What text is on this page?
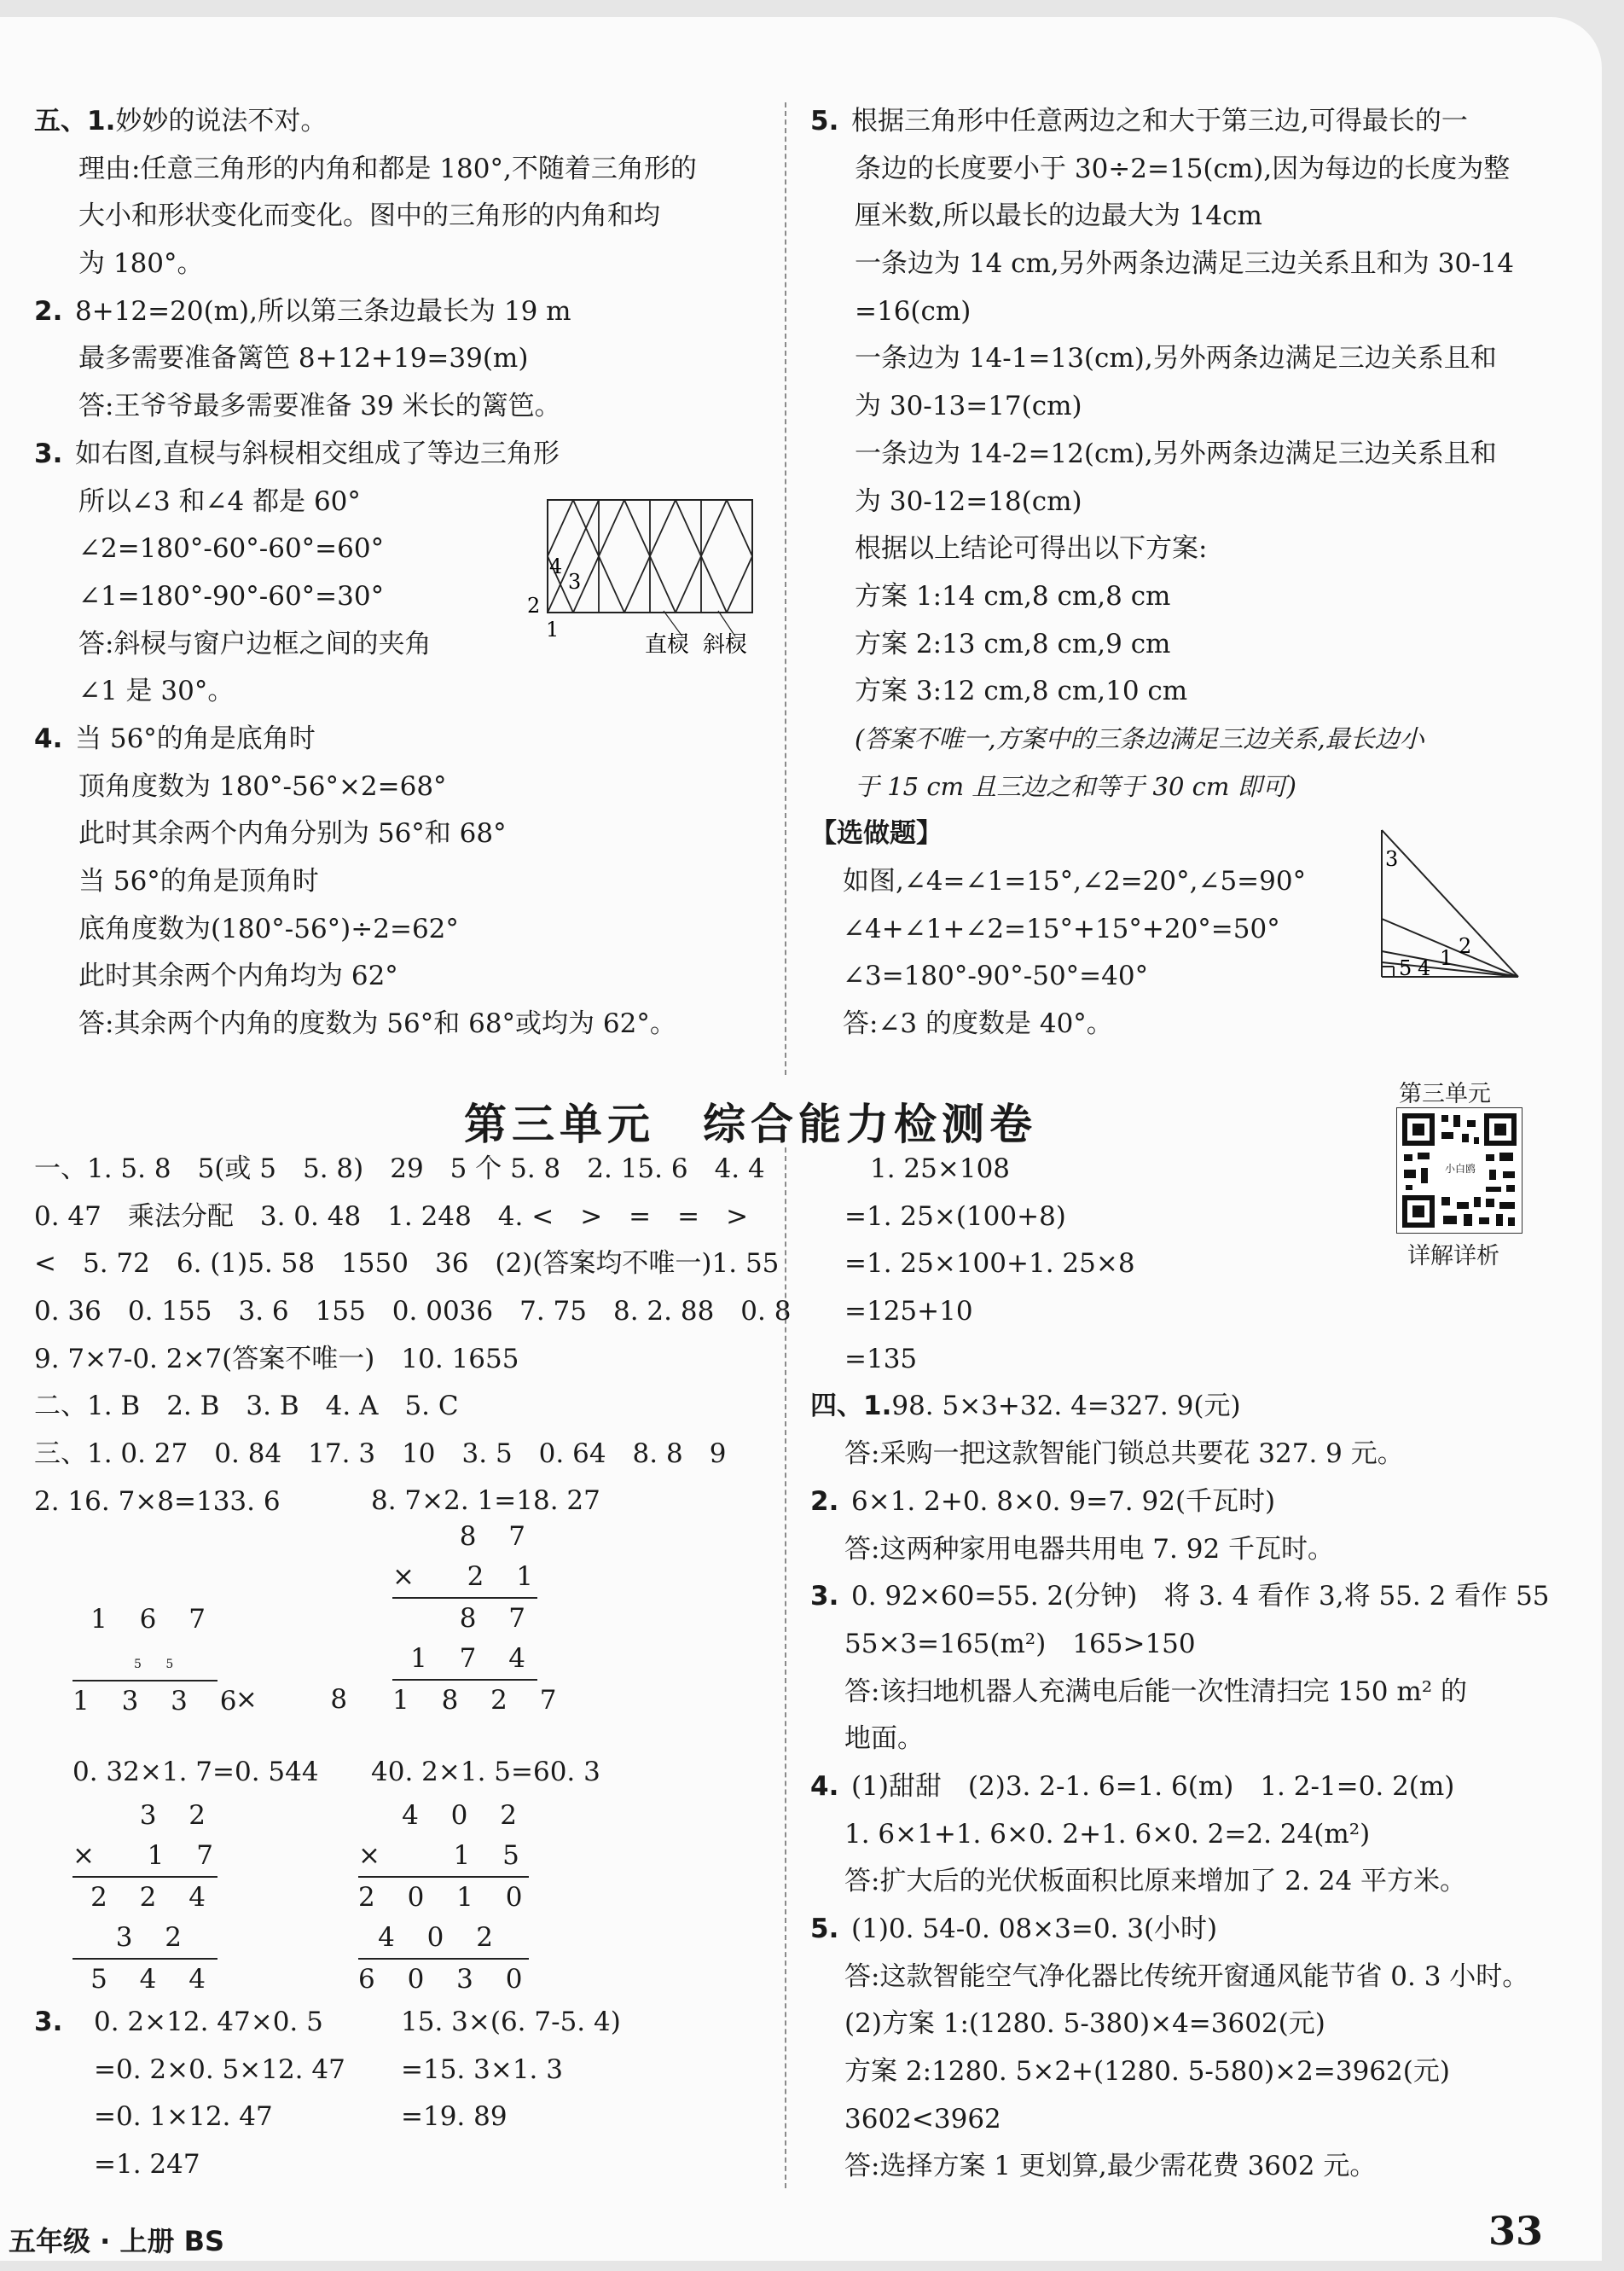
五、1.妙妙的说法不对。
理由:任意三角形的内角和都是 180°,不随着三角形的
大小和形状变化而变化。图中的三角形的内角和均
为 180°。
2. 8+12=20(m),所以第三条边最长为 19 m
最多需要准备篱笆 8+12+19=39(m)
答:王爷爷最多需要准备 39 米长的篱笆。
3. 如右图,直棂与斜棂相交组成了等边三角形
所以∠3 和∠4 都是 60°
∠2=180°-60°-60°=60°
∠1=180°-90°-60°=30°
答:斜棂与窗户边框之间的夹角
∠1 是 30°。
4. 当 56°的角是底角时
顶角度数为 180°-56°×2=68°
此时其余两个内角分别为 56°和 68°
当 56°的角是顶角时
底角度数为(180°-56°)÷2=62°
此时其余两个内角均为 62°
答:其余两个内角的度数为 56°和 68°或均为 62°。
4
3
2
1
直棂 斜棂
5. 根据三角形中任意两边之和大于第三边,可得最长的一
条边的长度要小于 30÷2=15(cm),因为每边的长度为整
厘米数,所以最长的边最大为 14cm
一条边为 14 cm,另外两条边满足三边关系且和为 30-14
=16(cm)
一条边为 14-1=13(cm),另外两条边满足三边关系且和
为 30-13=17(cm)
一条边为 14-2=12(cm),另外两条边满足三边关系且和
为 30-12=18(cm)
根据以上结论可得出以下方案:
方案 1:14 cm,8 cm,8 cm
方案 2:13 cm,8 cm,9 cm
方案 3:12 cm,8 cm,10 cm
(答案不唯一,方案中的三条边满足三边关系,最长边小
于 15 cm 且三边之和等于 30 cm 即可)
【选做题】
如图,∠4=∠1=15°,∠2=20°,∠5=90°
∠4+∠1+∠2=15°+15°+20°=50°
∠3=180°-90°-50°=40°
答:∠3 的度数是 40°。
3
2
1
5 4
第三单元　综合能力检测卷
第三单元
小白鸥
详解详析
一、1. 5. 8　5(或 5　5. 8)　29　5 个 5. 8　2. 15. 6　4. 4
0. 47　乘法分配　3. 0. 48　1. 248　4. <　>　=　=　>
<　5. 72　6. (1)5. 58　1550　36　(2)(答案均不唯一)1. 55
0. 36　0. 155　3. 6　155　0. 0036　7. 75　8. 2. 88　0. 8
9. 7×7-0. 2×7(答案不唯一)　10. 1655
二、1. B　2. B　3. B　4. A　5. C
三、1. 0. 27　0. 84　17. 3　10　3. 5　0. 64　8. 8　9
2. 16. 7×8=133. 6	8. 7×2. 1=18. 27
8 7
×  2 1
8 7
1 7 4
1 8 2 7
1 6 7

×   8

5 5

1 3 3 6
0. 32×1. 7=0. 544 40. 2×1. 5=60. 3
3 2
×  1 7
2 2 4
3 2
5 4 4
4 0 2
×   1 5
2 0 1 0
4 0 2
6 0 3 0
3. 0. 2×12. 47×0. 5
=0. 2×0. 5×12. 47
=0. 1×12. 47
=1. 247
15. 3×(6. 7-5. 4)
=15. 3×1. 3
=19. 89
1. 25×108
=1. 25×(100+8)
=1. 25×100+1. 25×8
=125+10
=135
四、1.98. 5×3+32. 4=327. 9(元)
答:采购一把这款智能门锁总共要花 327. 9 元。
2. 6×1. 2+0. 8×0. 9=7. 92(千瓦时)
答:这两种家用电器共用电 7. 92 千瓦时。
3. 0. 92×60=55. 2(分钟)　将 3. 4 看作 3,将 55. 2 看作 55
55×3=165(m²)　165>150
答:该扫地机器人充满电后能一次性清扫完 150 m² 的
地面。
4. (1)甜甜　(2)3. 2-1. 6=1. 6(m)　1. 2-1=0. 2(m)
1. 6×1+1. 6×0. 2+1. 6×0. 2=2. 24(m²)
答:扩大后的光伏板面积比原来增加了 2. 24 平方米。
5. (1)0. 54-0. 08×3=0. 3(小时)
答:这款智能空气净化器比传统开窗通风能节省 0. 3 小时。
(2)方案 1:(1280. 5-380)×4=3602(元)
方案 2:1280. 5×2+(1280. 5-580)×2=3962(元)
3602<3962
答:选择方案 1 更划算,最少需花费 3602 元。
五年级 · 上册 BS	33
